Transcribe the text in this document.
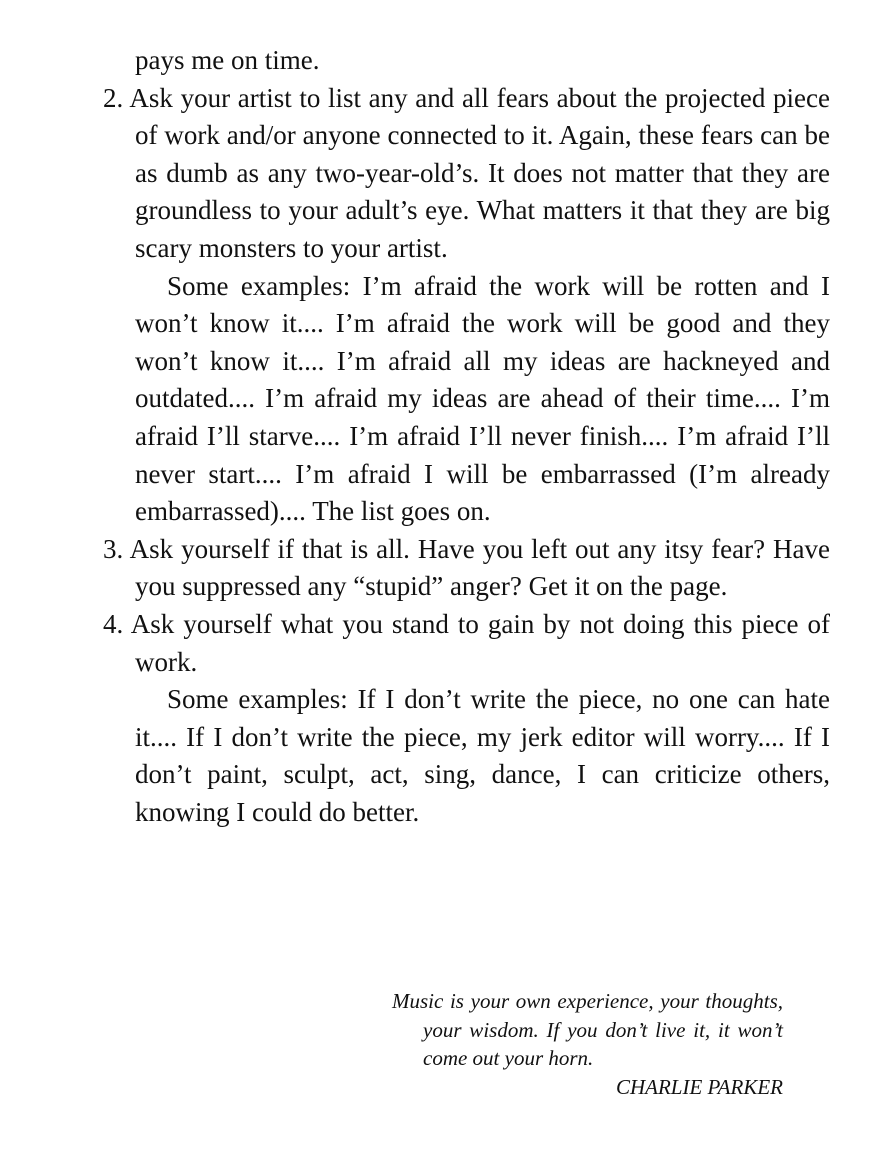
pays me on time.

2. Ask your artist to list any and all fears about the projected piece of work and/or anyone connected to it. Again, these fears can be as dumb as any two-year-old’s. It does not matter that they are groundless to your adult’s eye. What matters it that they are big scary monsters to your artist.

Some examples: I’m afraid the work will be rotten and I won’t know it.... I’m afraid the work will be good and they won’t know it.... I’m afraid all my ideas are hackneyed and outdated.... I’m afraid my ideas are ahead of their time.... I’m afraid I’ll starve.... I’m afraid I’ll never finish.... I’m afraid I’ll never start.... I’m afraid I will be embarrassed (I’m already embarrassed).... The list goes on.

3. Ask yourself if that is all. Have you left out any itsy fear? Have you suppressed any “stupid” anger? Get it on the page.

4. Ask yourself what you stand to gain by not doing this piece of work.

Some examples: If I don’t write the piece, no one can hate it.... If I don’t write the piece, my jerk editor will worry.... If I don’t paint, sculpt, act, sing, dance, I can criticize others, knowing I could do better.

Music is your own experience, your thoughts, your wisdom. If you don’t live it, it won’t come out your horn.

CHARLIE PARKER
